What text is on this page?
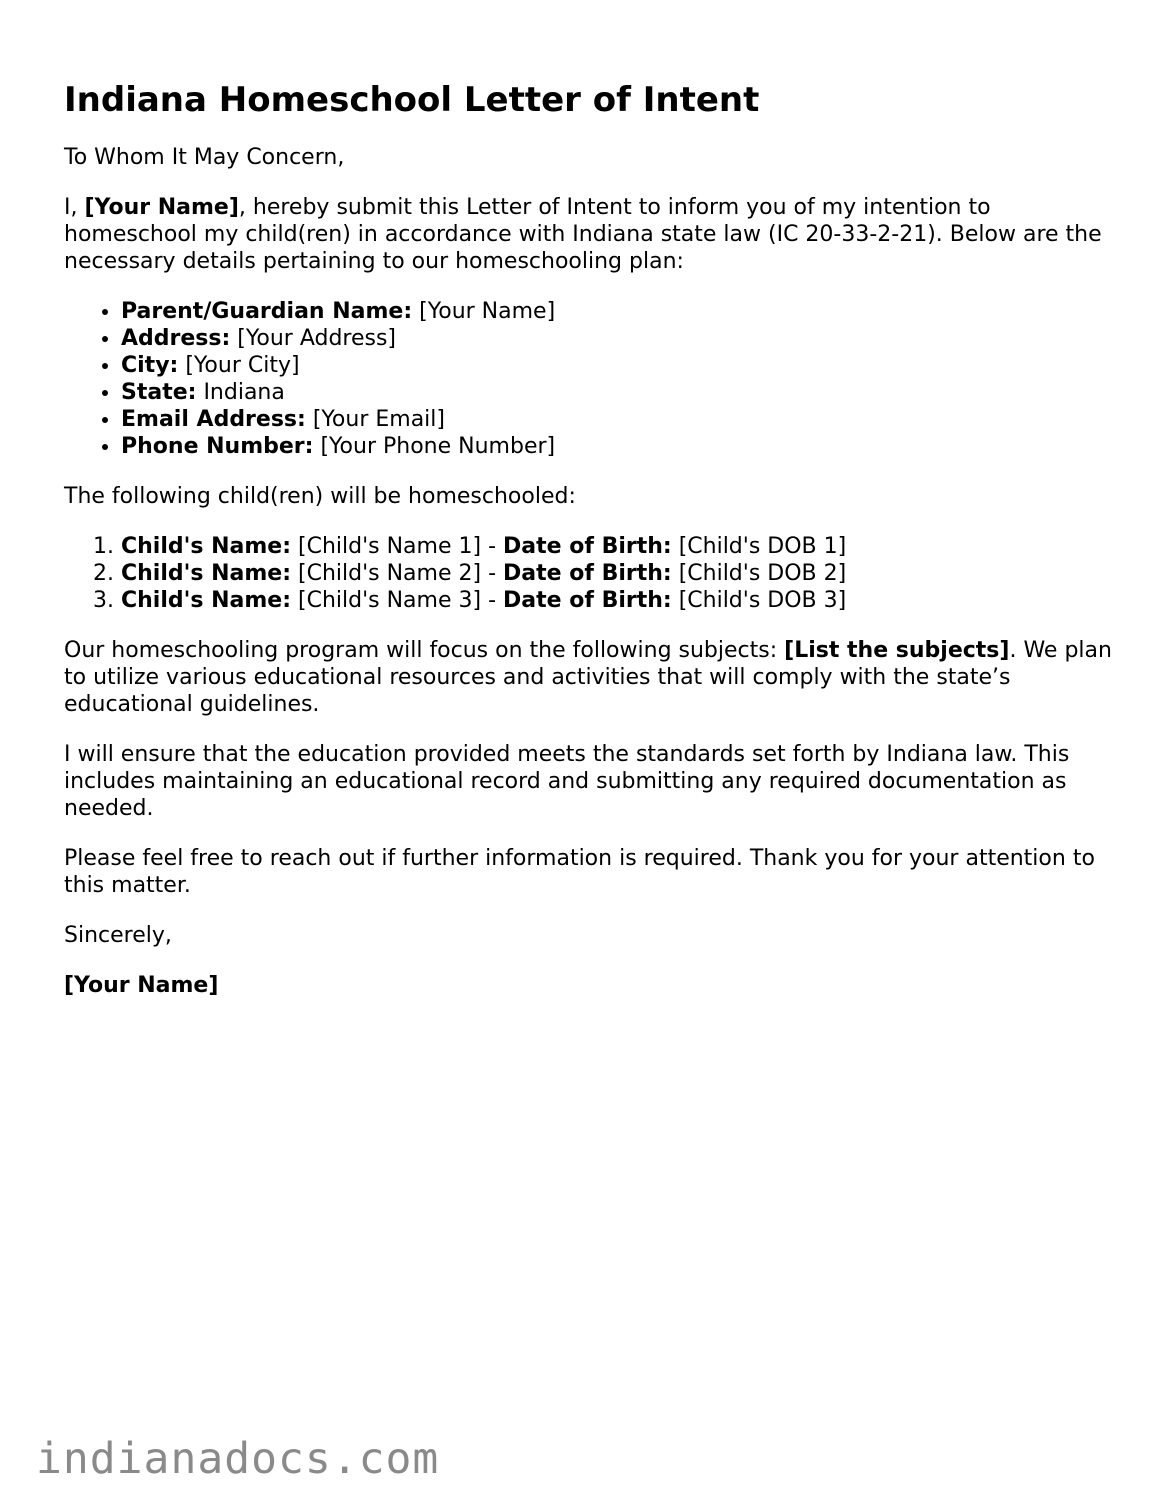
Indiana Homeschool Letter of Intent

To Whom It May Concern,

I, [Your Name], hereby submit this Letter of Intent to inform you of my intention to homeschool my child(ren) in accordance with Indiana state law (IC 20-33-2-21). Below are the necessary details pertaining to our homeschooling plan:

• Parent/Guardian Name: [Your Name]
• Address: [Your Address]
• City: [Your City]
• State: Indiana
• Email Address: [Your Email]
• Phone Number: [Your Phone Number]

The following child(ren) will be homeschooled:

1. Child's Name: [Child's Name 1] - Date of Birth: [Child's DOB 1]
2. Child's Name: [Child's Name 2] - Date of Birth: [Child's DOB 2]
3. Child's Name: [Child's Name 3] - Date of Birth: [Child's DOB 3]

Our homeschooling program will focus on the following subjects: [List the subjects]. We plan to utilize various educational resources and activities that will comply with the state’s educational guidelines.

I will ensure that the education provided meets the standards set forth by Indiana law. This includes maintaining an educational record and submitting any required documentation as needed.

Please feel free to reach out if further information is required. Thank you for your attention to this matter.

Sincerely,

[Your Name]

indianadocs.com
